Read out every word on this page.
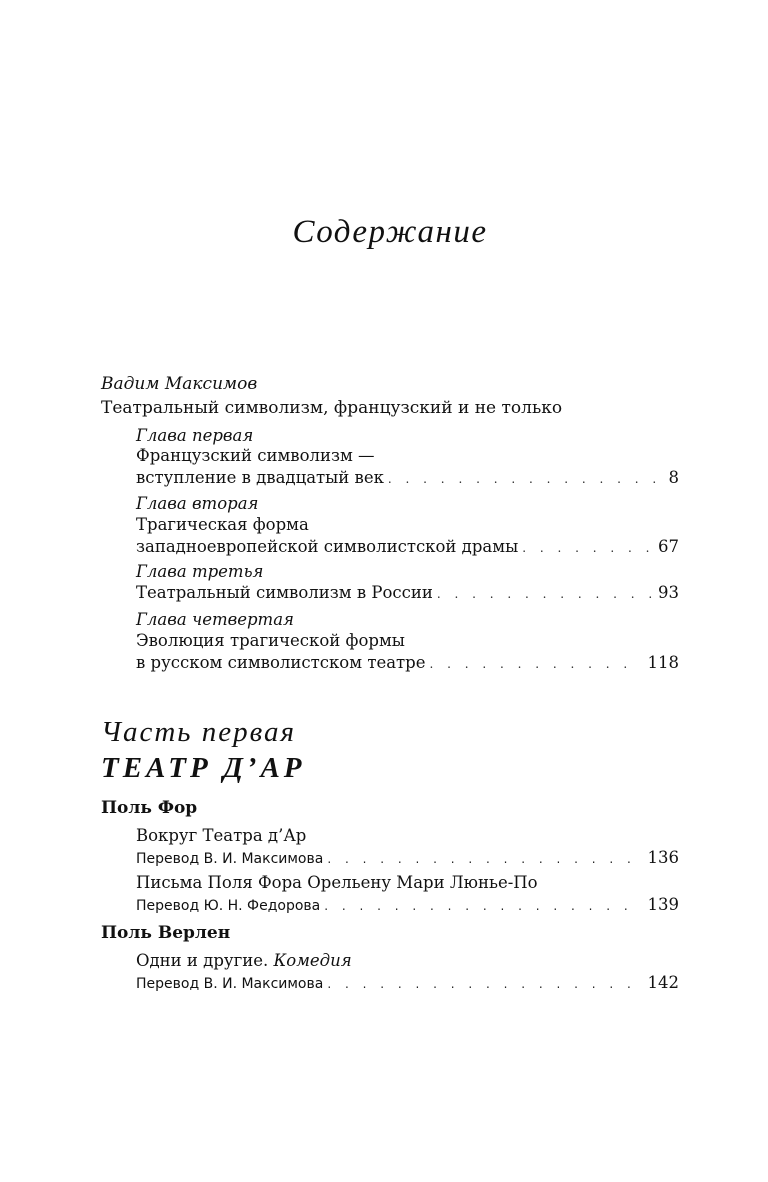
Содержание
Вадим Максимов
Театральный символизм, французский и не только
Глава первая
Французский символизм —
вступление в двадцатый век . . .	8
Глава вторая
Трагическая форма
западноевропейской символистской драмы . . .	67
Глава третья
Театральный символизм в России . . .	93
Глава четвертая
Эволюция трагической формы
в русском символистском театре . . .	118
Часть первая
ТЕАТР Д’АР
Поль Фор
Вокруг Театра д’Ар
Перевод В. И. Максимова . . .	136
Письма Поля Фора Орельену Мари Люнье-По
Перевод Ю. Н. Федорова . . .	139
Поль Верлен
Одни и другие. Комедия
Перевод В. И. Максимова . . .	142
